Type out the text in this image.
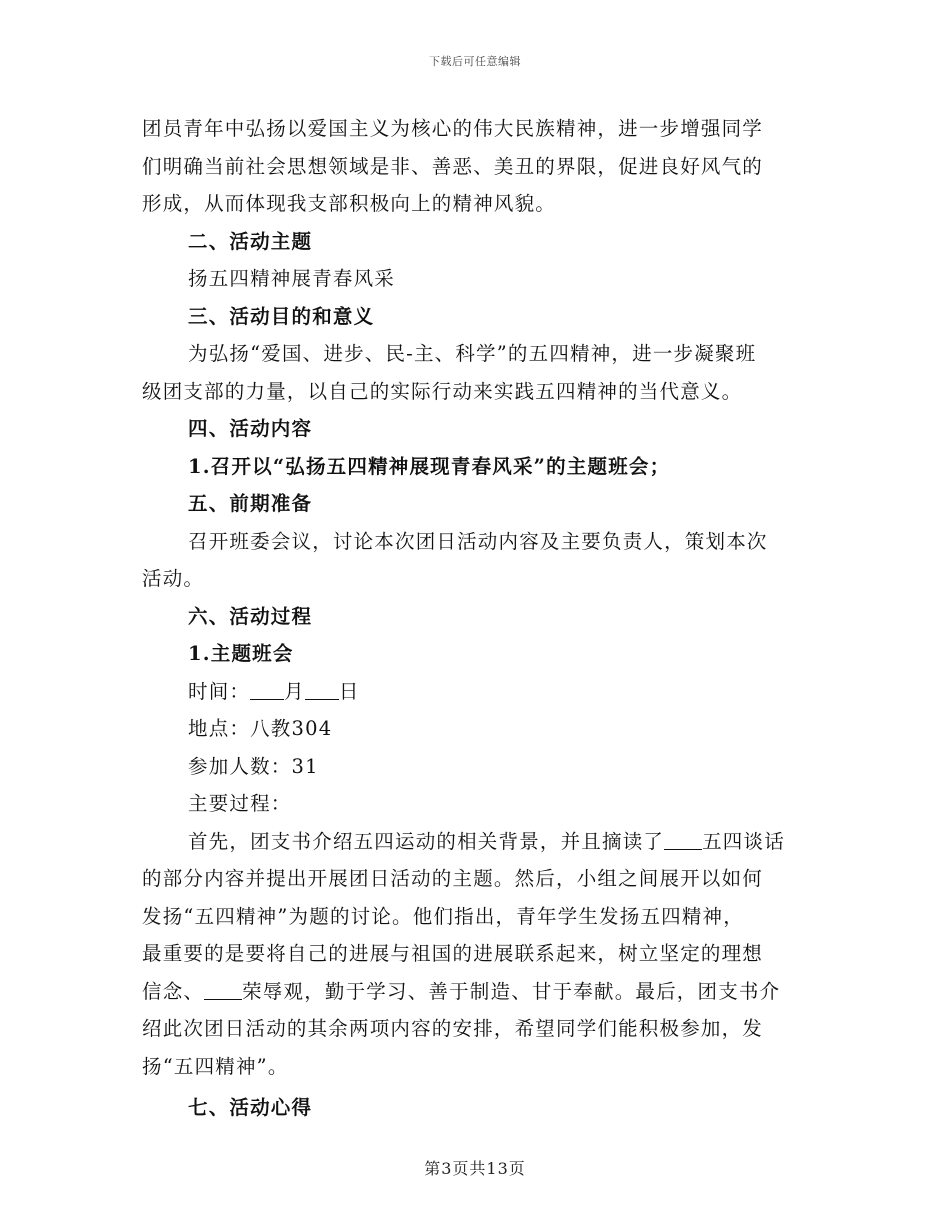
下载后可任意编辑

团员青年中弘扬以爱国主义为核心的伟大民族精神，进一步增强同学

们明确当前社会思想领域是非、善恶、美丑的界限，促进良好风气的

形成，从而体现我支部积极向上的精神风貌。

二、活动主题

扬五四精神展青春风采

三、活动目的和意义

为弘扬“爱国、进步、民-主、科学”的五四精神，进一步凝聚班

级团支部的力量，以自己的实际行动来实践五四精神的当代意义。

四、活动内容

1.召开以“弘扬五四精神展现青春风采”的主题班会；

五、前期准备

召开班委会议，讨论本次团日活动内容及主要负责人，策划本次

活动。

六、活动过程

1.主题班会

时间： 月 日

地点：八教304

参加人数：31

主要过程：

首先，团支书介绍五四运动的相关背景，并且摘读了 五四谈话

的部分内容并提出开展团日活动的主题。然后，小组之间展开以如何

发扬“五四精神”为题的讨论。他们指出，青年学生发扬五四精神，

最重要的是要将自己的进展与祖国的进展联系起来，树立坚定的理想

信念、 荣辱观，勤于学习、善于制造、甘于奉献。最后，团支书介

绍此次团日活动的其余两项内容的安排，希望同学们能积极参加，发

扬“五四精神”。

七、活动心得

第3页共13页
